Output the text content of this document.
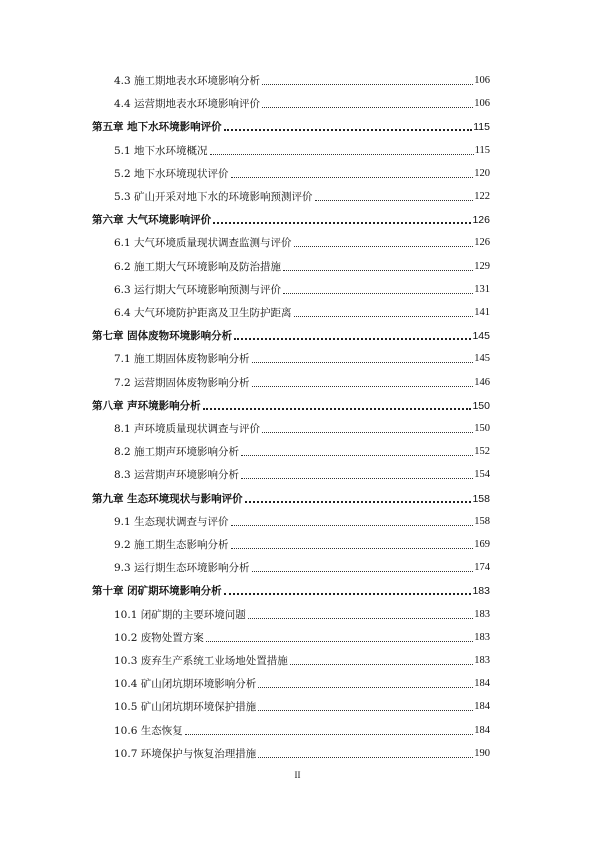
4.3 施工期地表水环境影响分析	106
4.4 运营期地表水环境影响评价	106
第五章 地下水环境影响评价	115
5.1 地下水环境概况	115
5.2 地下水环境现状评价	120
5.3 矿山开采对地下水的环境影响预测评价	122
第六章 大气环境影响评价	126
6.1 大气环境质量现状调查监测与评价	126
6.2 施工期大气环境影响及防治措施	129
6.3 运行期大气环境影响预测与评价	131
6.4 大气环境防护距离及卫生防护距离	141
第七章 固体废物环境影响分析	145
7.1 施工期固体废物影响分析	145
7.2 运营期固体废物影响分析	146
第八章 声环境影响分析	150
8.1 声环境质量现状调查与评价	150
8.2 施工期声环境影响分析	152
8.3 运营期声环境影响分析	154
第九章 生态环境现状与影响评价	158
9.1 生态现状调查与评价	158
9.2 施工期生态影响分析	169
9.3 运行期生态环境影响分析	174
第十章 闭矿期环境影响分析	183
10.1 闭矿期的主要环境问题	183
10.2 废物处置方案	183
10.3 废弃生产系统工业场地处置措施	183
10.4 矿山闭坑期环境影响分析	184
10.5 矿山闭坑期环境保护措施	184
10.6 生态恢复	184
10.7 环境保护与恢复治理措施	190
II
